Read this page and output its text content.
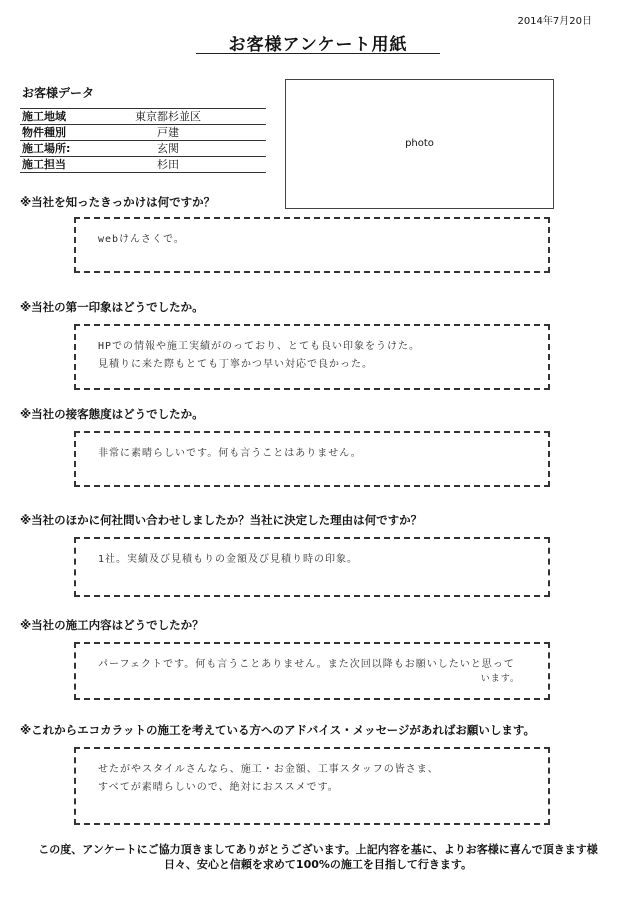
2014年7月20日
お客様アンケート用紙
お客様データ
施工地域	東京都杉並区
物件種別	戸建
施工場所:	玄関
施工担当	杉田
photo
※当社を知ったきっかけは何ですか？
webけんさくで。
※当社の第一印象はどうでしたか。
HPでの情報や施工実績がのっており、とても良い印象をうけた。
見積りに来た際もとても丁寧かつ早い対応で良かった。
※当社の接客態度はどうでしたか。
非常に素晴らしいです。何も言うことはありません。
※当社のほかに何社問い合わせしましたか？当社に決定した理由は何ですか？
1社。実績及び見積もりの金額及び見積り時の印象。
※当社の施工内容はどうでしたか？
パーフェクトです。何も言うことありません。また次回以降もお願いしたいと思って
います。
※これからエコカラットの施工を考えている方へのアドバイス・メッセージがあればお願いします。
せたがやスタイルさんなら、施工・お金額、工事スタッフの皆さま、
すべてが素晴らしいので、絶対におススメです。
この度、アンケートにご協力頂きましてありがとうございます。上記内容を基に、よりお客様に喜んで頂きます様
日々、安心と信頼を求めて100%の施工を目指して行きます。
